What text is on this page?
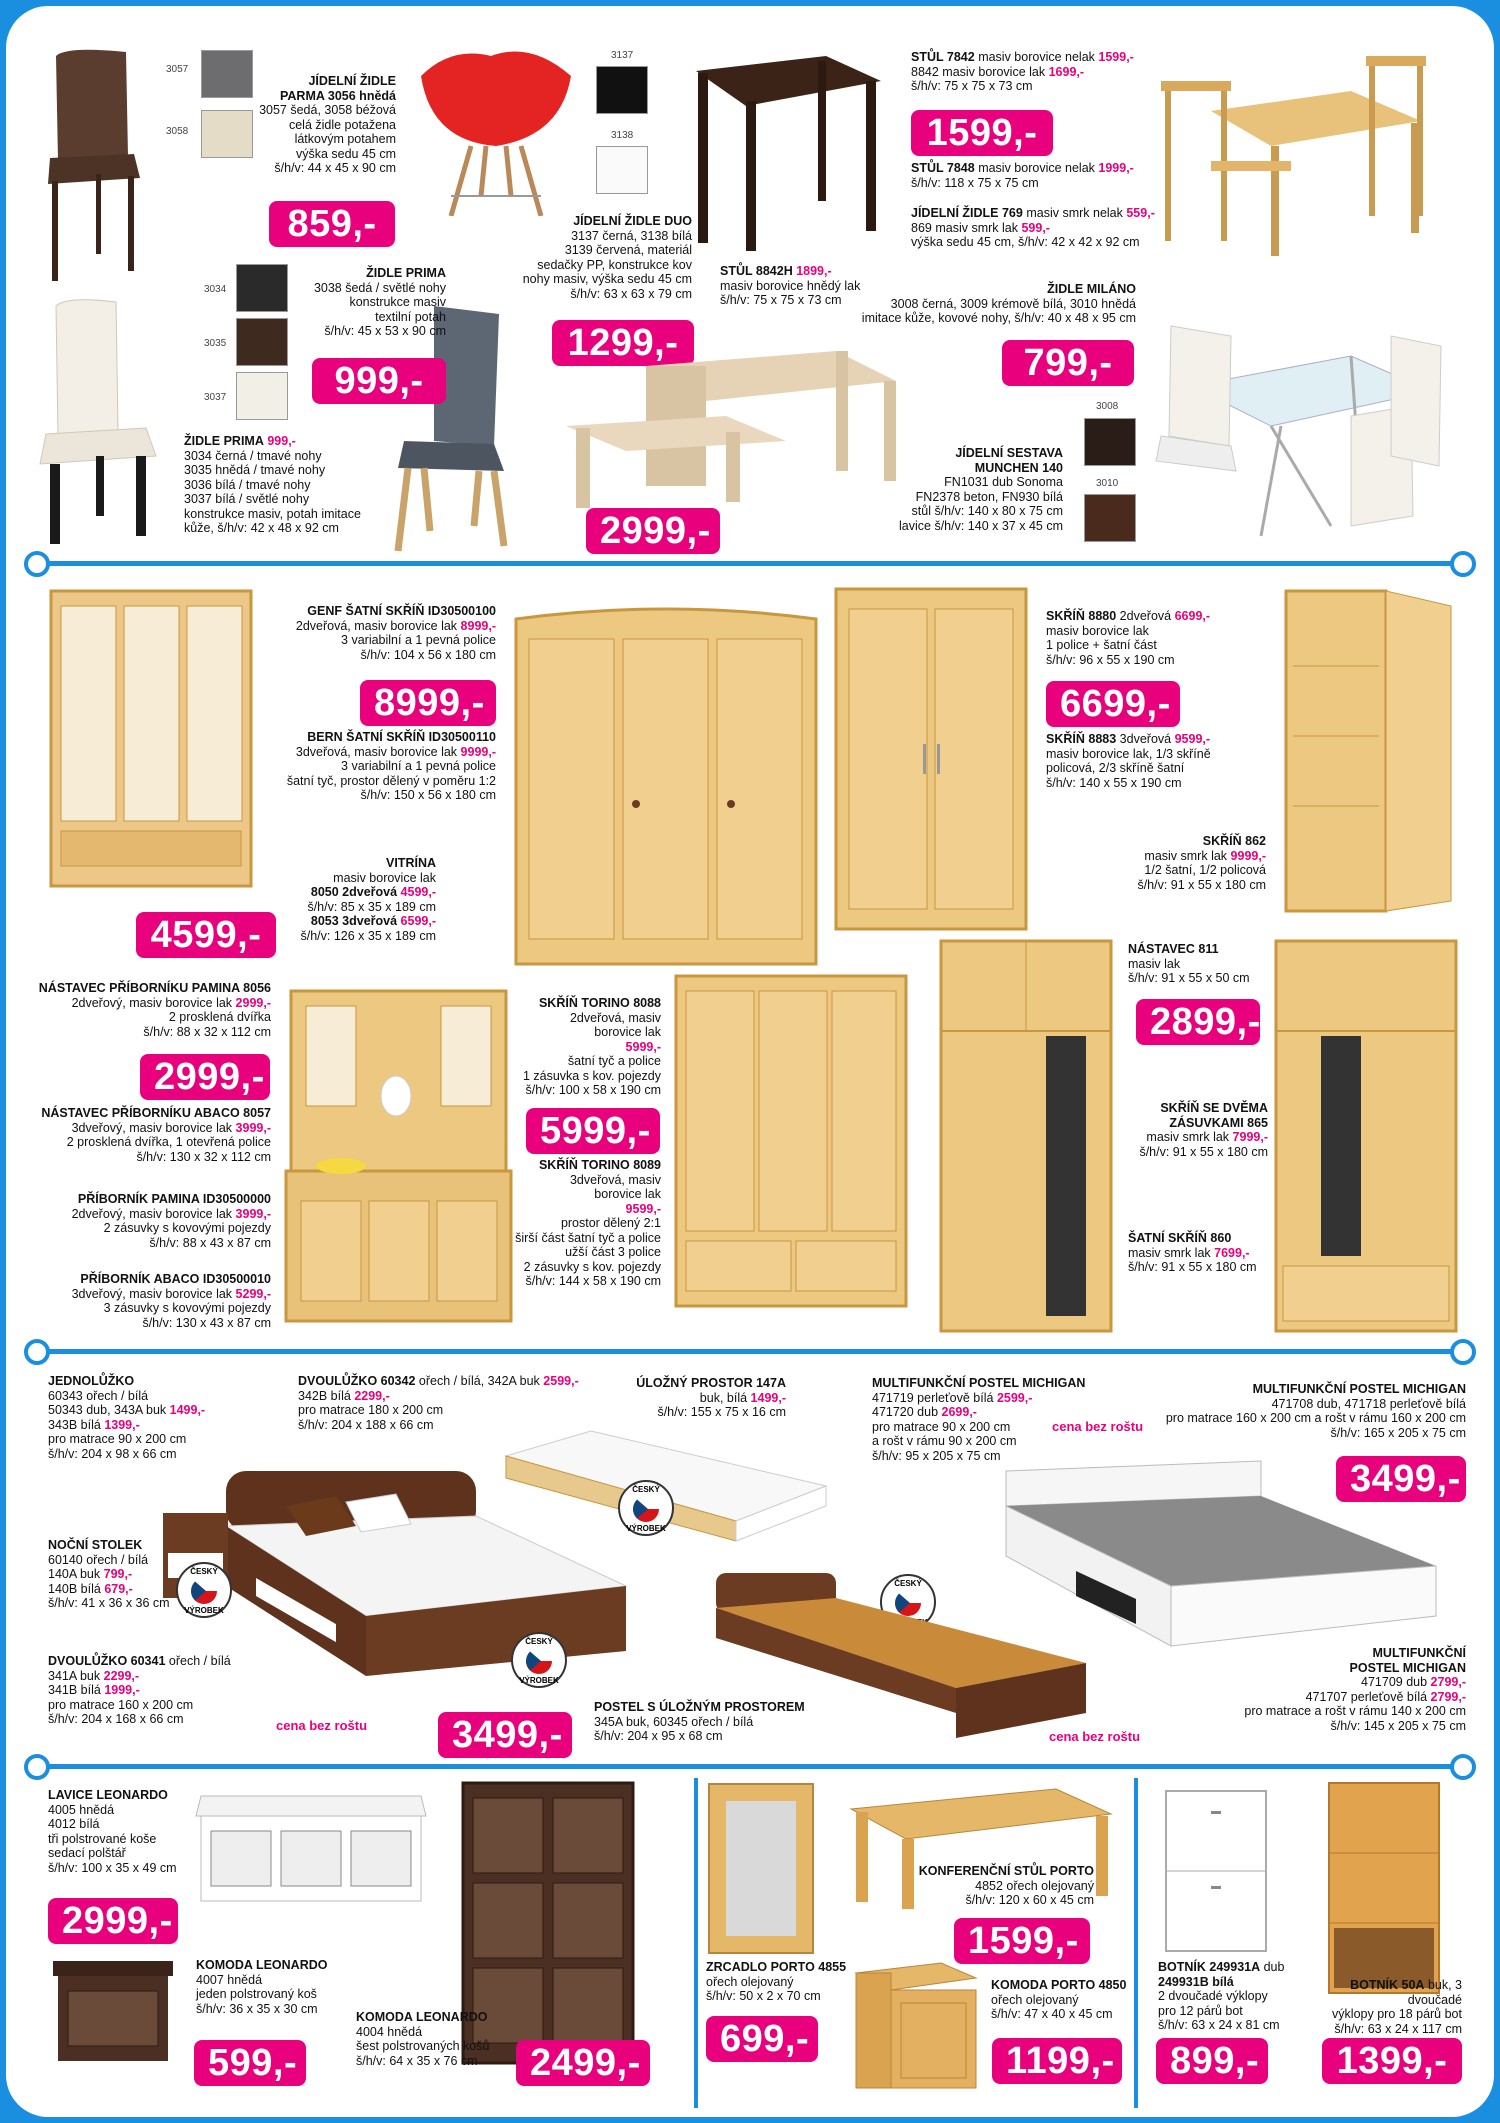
3057
3058
JÍDELNÍ ŽIDLE
PARMA 3056 hnědá
3057 šedá, 3058 béžová
celá židle potažena
látkovým potahem
výška sedu 45 cm
š/h/v: 44 x 45 x 90 cm
859,-
3137
3138
JÍDELNÍ ŽIDLE DUO
3137 černá, 3138 bílá
3139 červená, materiál
sedačky PP, konstrukce kov
nohy masiv, výška sedu 45 cm
š/h/v: 63 x 63 x 79 cm
1299,-
STŮL 7842 masiv borovice nelak 1599,-
8842 masiv borovice lak 1699,-
š/h/v: 75 x 75 x 73 cm
1599,-
STŮL 7848 masiv borovice nelak 1999,-
š/h/v: 118 x 75 x 75 cm
JÍDELNÍ ŽIDLE 769 masiv smrk nelak 559,-
869 masiv smrk lak 599,-
výška sedu 45 cm, š/h/v: 42 x 42 x 92 cm
3034
3035
3037
ŽIDLE PRIMA
3038 šedá / světlé nohy
konstrukce masiv
textilní potah
š/h/v: 45 x 53 x 90 cm
999,-
ŽIDLE PRIMA 999,-
3034 černá / tmavé nohy
3035 hnědá / tmavé nohy
3036 bílá / tmavé nohy
3037 bílá / světlé nohy
konstrukce masiv, potah imitace
kůže, š/h/v: 42 x 48 x 92 cm
STŮL 8842H 1899,-
masiv borovice hnědý lak
š/h/v: 75 x 75 x 73 cm
ŽIDLE MILÁNO
3008 černá, 3009 krémově bílá, 3010 hnědá
imitace kůže, kovové nohy, š/h/v: 40 x 48 x 95 cm
799,-
3008
3010
JÍDELNÍ SESTAVA
MUNCHEN 140
FN1031 dub Sonoma
FN2378 beton, FN930 bílá
stůl š/h/v: 140 x 80 x 75 cm
lavice š/h/v: 140 x 37 x 45 cm
2999,-
4599,-
GENF ŠATNÍ SKŘÍŇ ID30500100
2dveřová, masiv borovice lak 8999,-
3 variabilní a 1 pevná police
š/h/v: 104 x 56 x 180 cm
8999,-
BERN ŠATNÍ SKŘÍŇ ID30500110
3dveřová, masiv borovice lak 9999,-
3 variabilní a 1 pevná police
šatní tyč, prostor dělený v poměru 1:2
š/h/v: 150 x 56 x 180 cm
VITRÍNA
masiv borovice lak
8050 2dveřová 4599,-
š/h/v: 85 x 35 x 189 cm
8053 3dveřová 6599,-
š/h/v: 126 x 35 x 189 cm
SKŘÍŇ 8880 2dveřová 6699,-
masiv borovice lak
1 police + šatní část
š/h/v: 96 x 55 x 190 cm
6699,-
SKŘÍŇ 8883 3dveřová 9599,-
masiv borovice lak, 1/3 skříně
policová, 2/3 skříně šatní
š/h/v: 140 x 55 x 190 cm
SKŘÍŇ 862
masiv smrk lak 9999,-
1/2 šatní, 1/2 policová
š/h/v: 91 x 55 x 180 cm
NÁSTAVEC PŘÍBORNÍKU PAMINA 8056
2dveřový, masiv borovice lak 2999,-
2 prosklená dvířka
š/h/v: 88 x 32 x 112 cm
2999,-
NÁSTAVEC PŘÍBORNÍKU ABACO 8057
3dveřový, masiv borovice lak 3999,-
2 prosklená dvířka, 1 otevřená police
š/h/v: 130 x 32 x 112 cm
PŘÍBORNÍK PAMINA ID30500000
2dveřový, masiv borovice lak 3999,-
2 zásuvky s kovovými pojezdy
š/h/v: 88 x 43 x 87 cm
PŘÍBORNÍK ABACO ID30500010
3dveřový, masiv borovice lak 5299,-
3 zásuvky s kovovými pojezdy
š/h/v: 130 x 43 x 87 cm
SKŘÍŇ TORINO 8088
2dveřová, masiv
borovice lak
5999,-
šatní tyč a police
1 zásuvka s kov. pojezdy
š/h/v: 100 x 58 x 190 cm
5999,-
SKŘÍŇ TORINO 8089
3dveřová, masiv
borovice lak
9599,-
prostor dělený 2:1
širší část šatní tyč a police
užší část 3 police
2 zásuvky s kov. pojezdy
š/h/v: 144 x 58 x 190 cm
NÁSTAVEC 811
masiv lak
š/h/v: 91 x 55 x 50 cm
2899,-
SKŘÍŇ SE DVĚMA
ZÁSUVKAMI 865
masiv smrk lak 7999,-
š/h/v: 91 x 55 x 180 cm
ŠATNÍ SKŘÍŇ 860
masiv smrk lak 7699,-
š/h/v: 91 x 55 x 180 cm
JEDNOLŮŽKO
60343 ořech / bílá
50343 dub, 343A buk 1499,-
343B bílá 1399,-
pro matrace 90 x 200 cm
š/h/v: 204 x 98 x 66 cm
DVOULŮŽKO 60342 ořech / bílá, 342A buk 2599,-
342B bílá 2299,-
pro matrace 180 x 200 cm
š/h/v: 204 x 188 x 66 cm
ÚLOŽNÝ PROSTOR 147A
buk, bílá 1499,-
š/h/v: 155 x 75 x 16 cm
MULTIFUNKČNÍ POSTEL MICHIGAN
471719 perleťově bílá 2599,-
471720 dub 2699,-
pro matrace 90 x 200 cm
a rošt v rámu 90 x 200 cm
š/h/v: 95 x 205 x 75 cm
cena bez roštu
MULTIFUNKČNÍ POSTEL MICHIGAN
471708 dub, 471718 perleťově bílá
pro matrace 160 x 200 cm a rošt v rámu 160 x 200 cm
š/h/v: 165 x 205 x 75 cm
3499,-
ČESKÝ
VÝROBEK
ČESKÝ
VÝROBEK
ČESKÝ
VÝROBEK
ČESKÝ
NOČNÍ STOLEK
60140 ořech / bílá
140A buk 799,-
140B bílá 679,-
š/h/v: 41 x 36 x 36 cm
DVOULŮŽKO 60341 ořech / bílá
341A buk 2299,-
341B bílá 1999,-
pro matrace 160 x 200 cm
š/h/v: 204 x 168 x 66 cm	cena bez roštu	3499,-
POSTEL S ÚLOŽNÝM PROSTOREM
345A buk, 60345 ořech / bílá
š/h/v: 204 x 95 x 68 cm	cena bez roštu
MULTIFUNKČNÍ
POSTEL MICHIGAN
471709 dub 2799,-
471707 perleťově bílá 2799,-
pro matrace a rošt v rámu 140 x 200 cm
š/h/v: 145 x 205 x 75 cm
LAVICE LEONARDO
4005 hnědá
4012 bílá
tři polstrované koše
sedací polštář
š/h/v: 100 x 35 x 49 cm
2999,-
KOMODA LEONARDO
4007 hnědá
jeden polstrovaný koš
š/h/v: 36 x 35 x 30 cm
599,-
KOMODA LEONARDO
4004 hnědá
šest polstrovaných košů
š/h/v: 64 x 35 x 76 cm	2499,-
ZRCADLO PORTO 4855
ořech olejovaný
š/h/v: 50 x 2 x 70 cm
699,-
KONFERENČNÍ STŮL PORTO
4852 ořech olejovaný
š/h/v: 120 x 60 x 45 cm
1599,-
KOMODA PORTO 4850
ořech olejovaný
š/h/v: 47 x 40 x 45 cm
1199,-
BOTNÍK 249931A dub
249931B bílá
2 dvoučadé výklopy
pro 12 párů bot
š/h/v: 63 x 24 x 81 cm
899,-
BOTNÍK 50A buk, 3 dvoučadé
výklopy pro 18 párů bot
š/h/v: 63 x 24 x 117 cm
1399,-
